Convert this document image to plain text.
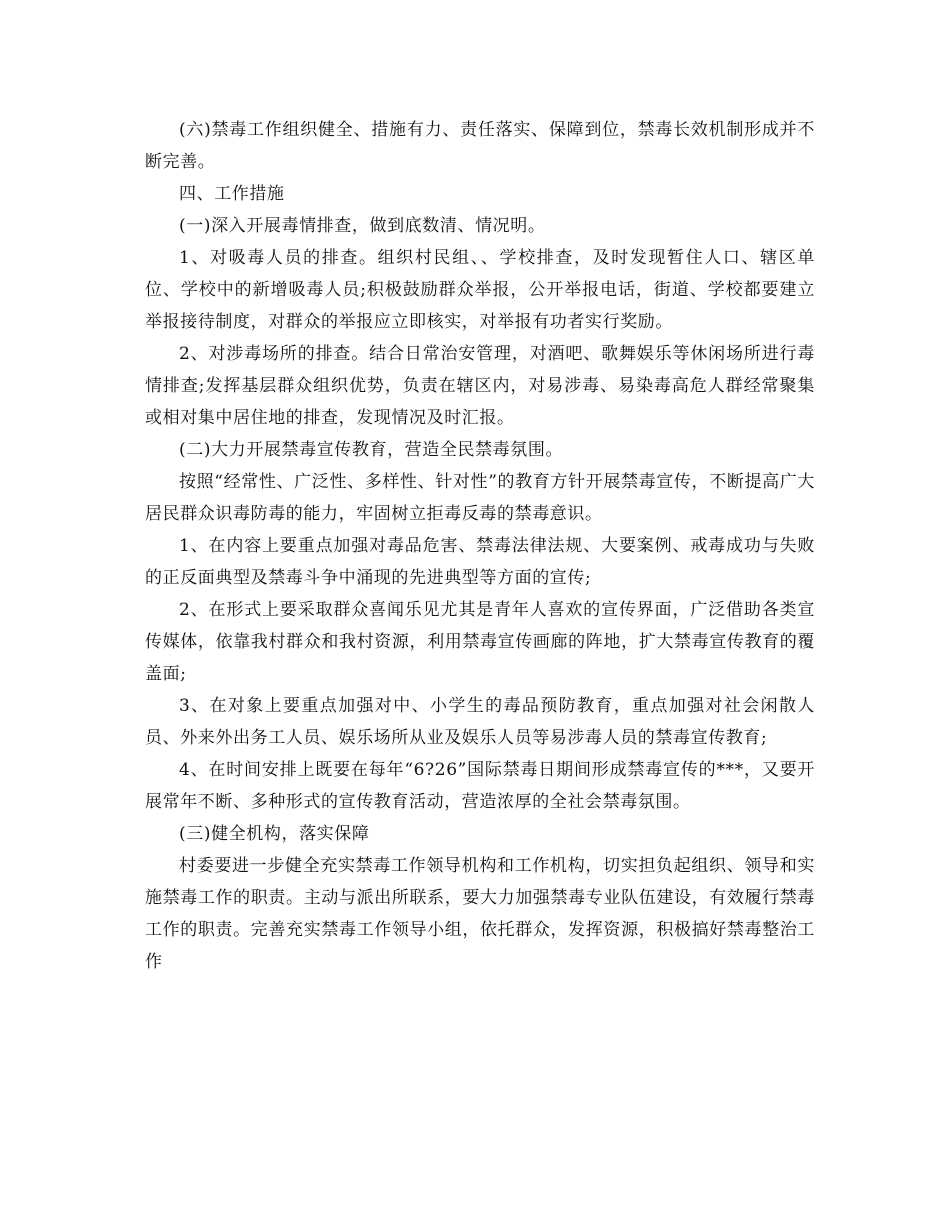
(六)禁毒工作组织健全、措施有力、责任落实、保障到位，禁毒长效机制形成并不断完善。

四、工作措施

(一)深入开展毒情排查，做到底数清、情况明。

1、对吸毒人员的排查。组织村民组、、学校排查，及时发现暂住人口、辖区单位、学校中的新增吸毒人员;积极鼓励群众举报，公开举报电话，街道、学校都要建立举报接待制度，对群众的举报应立即核实，对举报有功者实行奖励。

2、对涉毒场所的排查。结合日常治安管理，对酒吧、歌舞娱乐等休闲场所进行毒情排查;发挥基层群众组织优势，负责在辖区内，对易涉毒、易染毒高危人群经常聚集或相对集中居住地的排查，发现情况及时汇报。

(二)大力开展禁毒宣传教育，营造全民禁毒氛围。

按照“经常性、广泛性、多样性、针对性”的教育方针开展禁毒宣传，不断提高广大居民群众识毒防毒的能力，牢固树立拒毒反毒的禁毒意识。

1、在内容上要重点加强对毒品危害、禁毒法律法规、大要案例、戒毒成功与失败的正反面典型及禁毒斗争中涌现的先进典型等方面的宣传;

2、在形式上要采取群众喜闻乐见尤其是青年人喜欢的宣传界面，广泛借助各类宣传媒体，依靠我村群众和我村资源，利用禁毒宣传画廊的阵地，扩大禁毒宣传教育的覆盖面;

3、在对象上要重点加强对中、小学生的毒品预防教育，重点加强对社会闲散人员、外来外出务工人员、娱乐场所从业及娱乐人员等易涉毒人员的禁毒宣传教育;

4、在时间安排上既要在每年“6?26”国际禁毒日期间形成禁毒宣传的***，又要开展常年不断、多种形式的宣传教育活动，营造浓厚的全社会禁毒氛围。

(三)健全机构，落实保障

村委要进一步健全充实禁毒工作领导机构和工作机构，切实担负起组织、领导和实施禁毒工作的职责。主动与派出所联系，要大力加强禁毒专业队伍建设，有效履行禁毒工作的职责。完善充实禁毒工作领导小组，依托群众，发挥资源，积极搞好禁毒整治工作
